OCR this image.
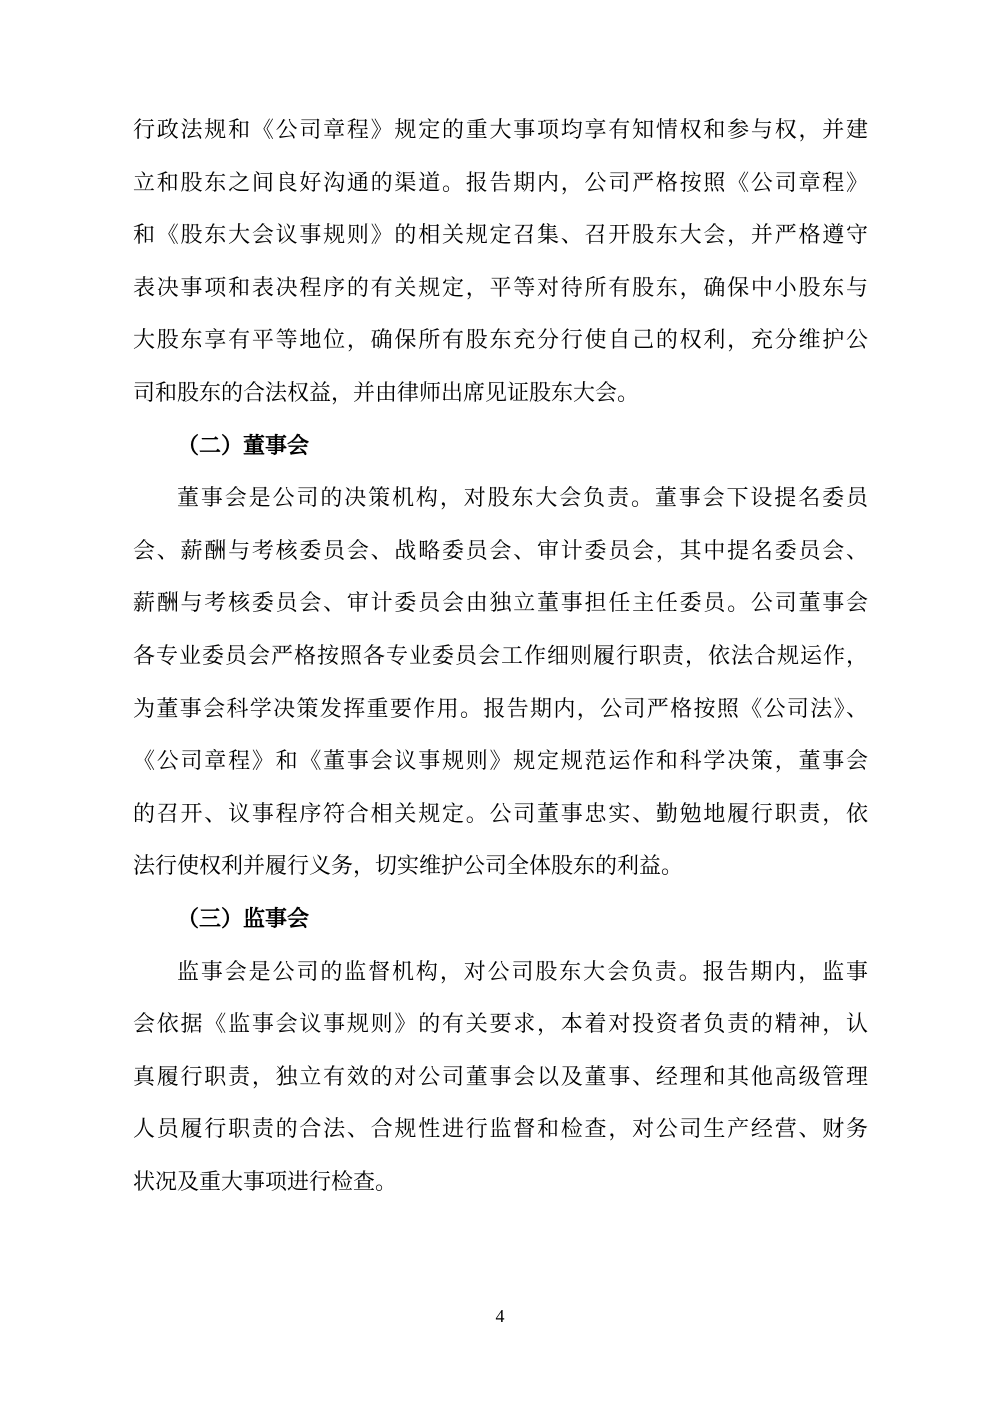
行政法规和《公司章程》规定的重大事项均享有知情权和参与权，并建
立和股东之间良好沟通的渠道。报告期内，公司严格按照《公司章程》
和《股东大会议事规则》的相关规定召集、召开股东大会，并严格遵守
表决事项和表决程序的有关规定，平等对待所有股东，确保中小股东与
大股东享有平等地位，确保所有股东充分行使自己的权利，充分维护公
司和股东的合法权益，并由律师出席见证股东大会。
（二）董事会
董事会是公司的决策机构，对股东大会负责。董事会下设提名委员
会、薪酬与考核委员会、战略委员会、审计委员会，其中提名委员会、
薪酬与考核委员会、审计委员会由独立董事担任主任委员。公司董事会
各专业委员会严格按照各专业委员会工作细则履行职责，依法合规运作，
为董事会科学决策发挥重要作用。报告期内，公司严格按照《公司法》、
《公司章程》和《董事会议事规则》规定规范运作和科学决策，董事会
的召开、议事程序符合相关规定。公司董事忠实、勤勉地履行职责，依
法行使权利并履行义务，切实维护公司全体股东的利益。
（三）监事会
监事会是公司的监督机构，对公司股东大会负责。报告期内，监事
会依据《监事会议事规则》的有关要求，本着对投资者负责的精神，认
真履行职责，独立有效的对公司董事会以及董事、经理和其他高级管理
人员履行职责的合法、合规性进行监督和检查，对公司生产经营、财务
状况及重大事项进行检查。
4
